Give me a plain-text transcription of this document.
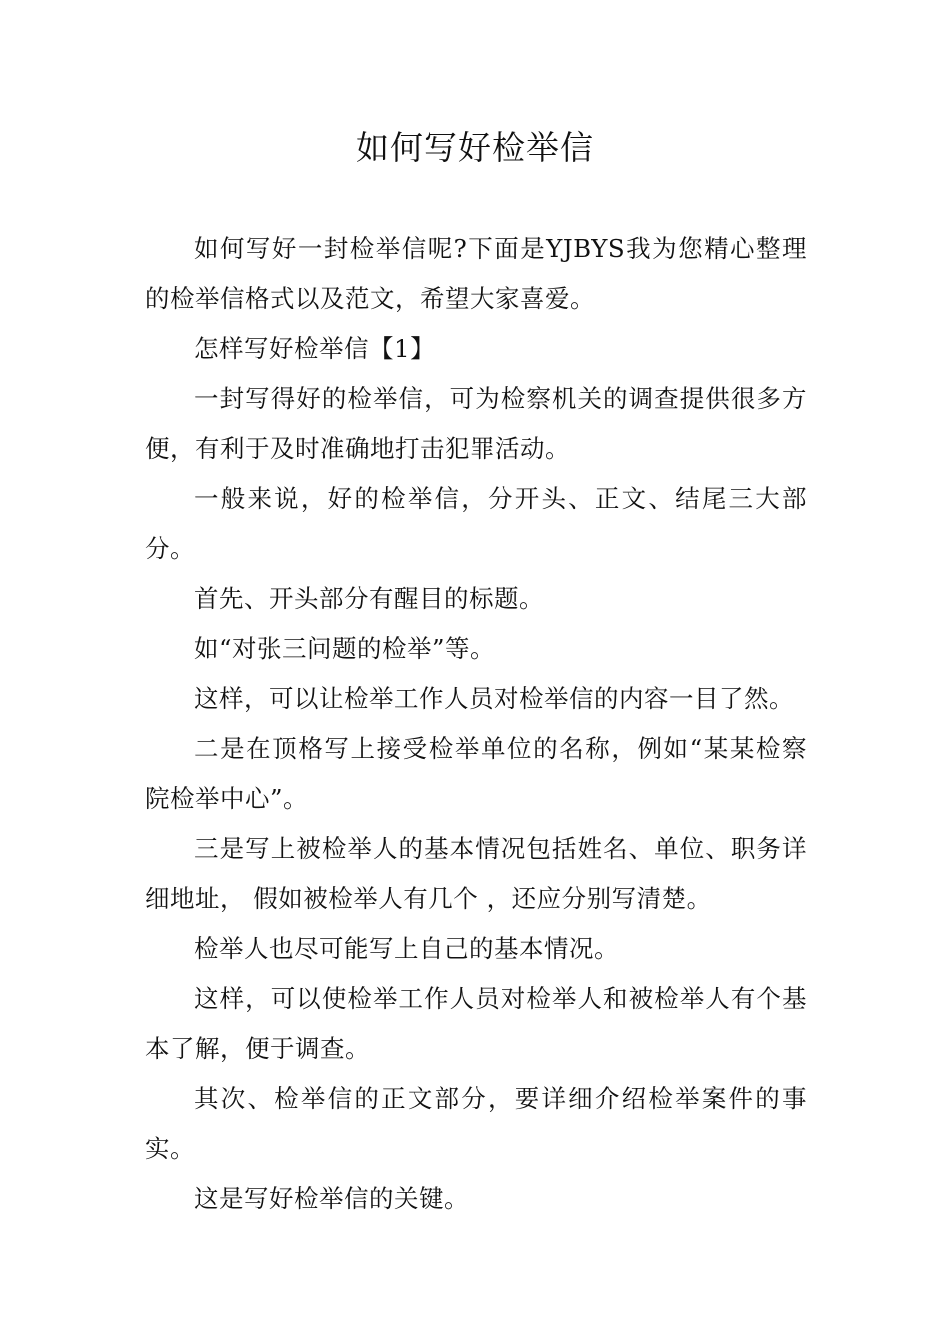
如何写好检举信

如何写好一封检举信呢?下面是YJBYS我为您精心整理的检举信格式以及范文，希望大家喜爱。

怎样写好检举信【1】

一封写得好的检举信，可为检察机关的调查提供很多方便，有利于及时准确地打击犯罪活动。

一般来说，好的检举信，分开头、正文、结尾三大部分。

首先、开头部分有醒目的标题。

如“对张三问题的检举”等。

这样，可以让检举工作人员对检举信的内容一目了然。

二是在顶格写上接受检举单位的名称，例如“某某检察院检举中心”。

三是写上被检举人的基本情况包括姓名、单位、职务详细地址， 假如被检举人有几个 ，还应分别写清楚。

检举人也尽可能写上自己的基本情况。

这样，可以使检举工作人员对检举人和被检举人有个基本了解，便于调查。

其次、检举信的正文部分，要详细介绍检举案件的事实。

这是写好检举信的关键。
